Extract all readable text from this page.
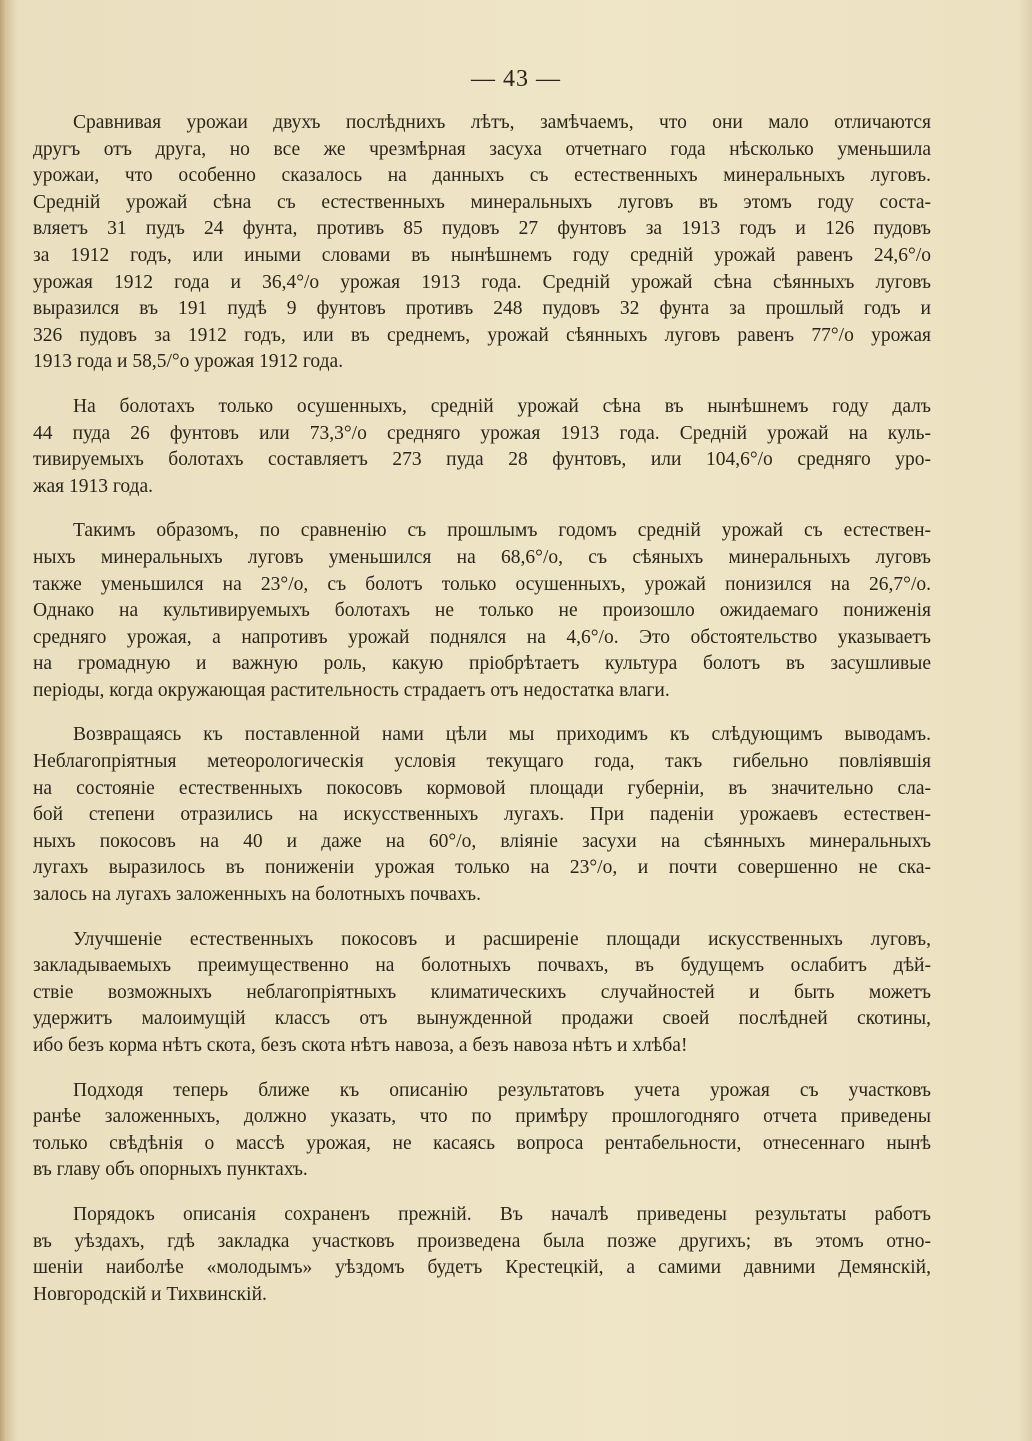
— 43 —
Сравнивая урожаи двухъ послѣднихъ лѣтъ, замѣчаемъ, что они мало отличаются
другъ отъ друга, но все же чрезмѣрная засуха отчетнаго года нѣсколько уменьшила
урожаи, что особенно сказалось на данныхъ съ естественныхъ минеральныхъ луговъ.
Средній урожай сѣна съ естественныхъ минеральныхъ луговъ въ этомъ году соста-
вляетъ 31 пудъ 24 фунта, противъ 85 пудовъ 27 фунтовъ за 1913 годъ и 126 пудовъ
за 1912 годъ, или иными словами въ нынѣшнемъ году средній урожай равенъ 24,6°/o
урожая 1912 года и 36,4°/o урожая 1913 года. Средній урожай сѣна сѣянныхъ луговъ
выразился въ 191 пудѣ 9 фунтовъ противъ 248 пудовъ 32 фунта за прошлый годъ и
326 пудовъ за 1912 годъ, или въ среднемъ, урожай сѣянныхъ луговъ равенъ 77°/o урожая
1913 года и 58,5/°o урожая 1912 года.
На болотахъ только осушенныхъ, средній урожай сѣна въ нынѣшнемъ году далъ
44 пуда 26 фунтовъ или 73,3°/o средняго урожая 1913 года. Средній урожай на куль-
тивируемыхъ болотахъ составляетъ 273 пуда 28 фунтовъ, или 104,6°/o средняго уро-
жая 1913 года.
Такимъ образомъ, по сравненію съ прошлымъ годомъ средній урожай съ естествен-
ныхъ минеральныхъ луговъ уменьшился на 68,6°/o, съ сѣяныхъ минеральныхъ луговъ
также уменьшился на 23°/o, съ болотъ только осушенныхъ, урожай понизился на 26,7°/o.
Однако на культивируемыхъ болотахъ не только не произошло ожидаемаго пониженія
средняго урожая, а напротивъ урожай поднялся на 4,6°/o. Это обстоятельство указываетъ
на громадную и важную роль, какую пріобрѣтаетъ культура болотъ въ засушливые
періоды, когда окружающая растительность страдаетъ отъ недостатка влаги.
Возвращаясь къ поставленной нами цѣли мы приходимъ къ слѣдующимъ выводамъ.
Неблагопріятныя метеорологическія условія текущаго года, такъ гибельно повліявшія
на состояніе естественныхъ покосовъ кормовой площади губерніи, въ значительно сла-
бой степени отразились на искусственныхъ лугахъ. При паденіи урожаевъ естествен-
ныхъ покосовъ на 40 и даже на 60°/o, вліяніе засухи на сѣянныхъ минеральныхъ
лугахъ выразилось въ пониженіи урожая только на 23°/o, и почти совершенно не ска-
залось на лугахъ заложенныхъ на болотныхъ почвахъ.
Улучшеніе естественныхъ покосовъ и расширеніе площади искусственныхъ луговъ,
закладываемыхъ преимущественно на болотныхъ почвахъ, въ будущемъ ослабитъ дѣй-
ствіе возможныхъ неблагопріятныхъ климатическихъ случайностей и быть можетъ
удержитъ малоимущій классъ отъ вынужденной продажи своей послѣдней скотины,
ибо безъ корма нѣтъ скота, безъ скота нѣтъ навоза, а безъ навоза нѣтъ и хлѣба!
Подходя теперь ближе къ описанію результатовъ учета урожая съ участковъ
ранѣе заложенныхъ, должно указать, что по примѣру прошлогодняго отчета приведены
только свѣдѣнія о массѣ урожая, не касаясь вопроса рентабельности, отнесеннаго нынѣ
въ главу объ опорныхъ пунктахъ.
Порядокъ описанія сохраненъ прежній. Въ началѣ приведены результаты работъ
въ уѣздахъ, гдѣ закладка участковъ произведена была позже другихъ; въ этомъ отно-
шеніи наиболѣе «молодымъ» уѣздомъ будетъ Крестецкій, а самими давними Демянскій,
Новгородскій и Тихвинскій.
